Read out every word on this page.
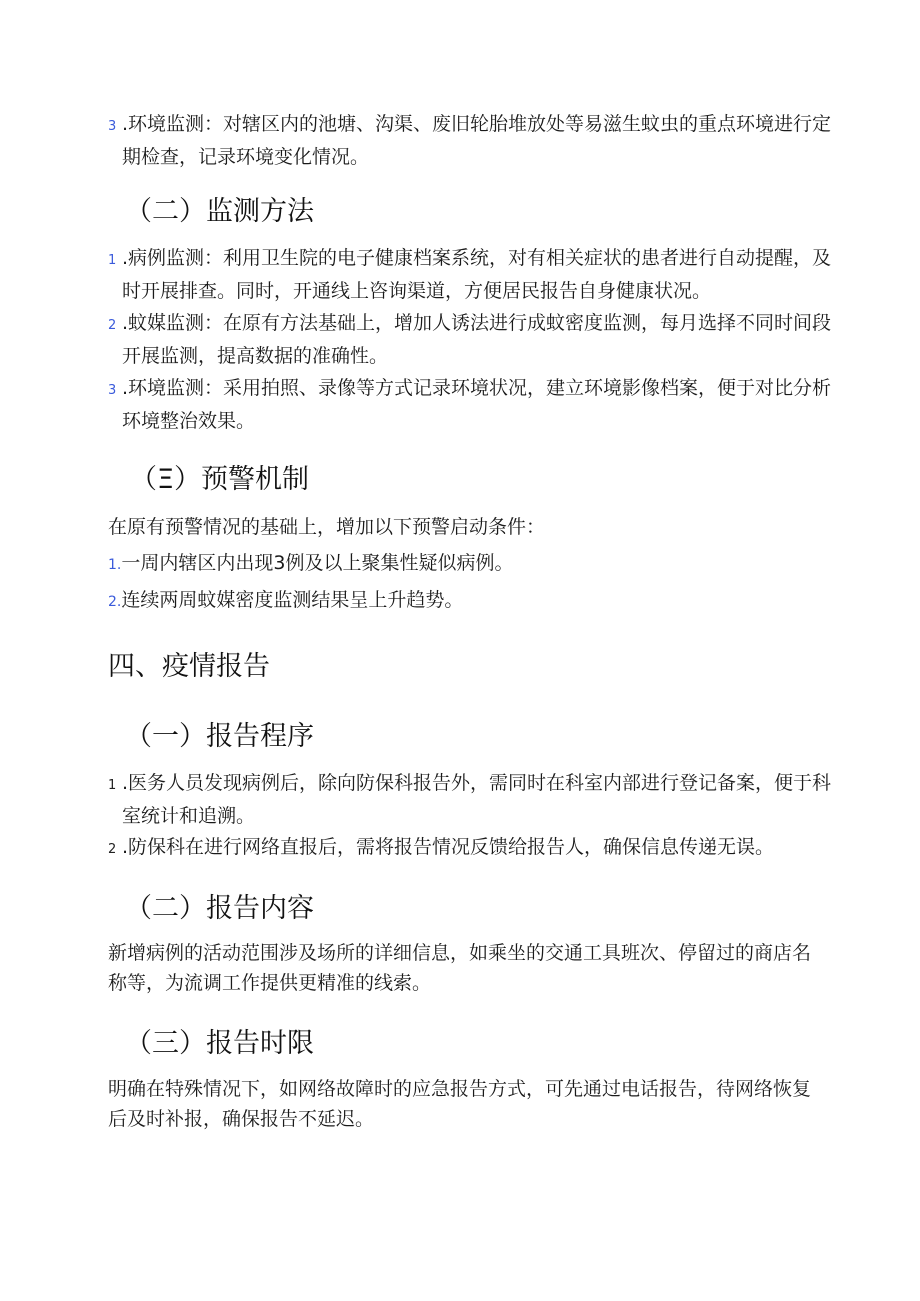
3 .环境监测：对辖区内的池塘、沟渠、废旧轮胎堆放处等易滋生蚊虫的重点环境进行定期检查，记录环境变化情况。

（二）监测方法

1 .病例监测：利用卫生院的电子健康档案系统，对有相关症状的患者进行自动提醒，及时开展排查。同时，开通线上咨询渠道，方便居民报告自身健康状况。

2 .蚊媒监测：在原有方法基础上，增加人诱法进行成蚊密度监测，每月选择不同时间段开展监测，提高数据的准确性。

3 .环境监测：采用拍照、录像等方式记录环境状况，建立环境影像档案，便于对比分析环境整治效果。

（Ξ）预警机制

在原有预警情况的基础上，增加以下预警启动条件：

1.一周内辖区内出现3例及以上聚集性疑似病例。

2.连续两周蚊媒密度监测结果呈上升趋势。

四、疫情报告
（一）报告程序

1 .医务人员发现病例后，除向防保科报告外，需同时在科室内部进行登记备案，便于科室统计和追溯。

2 .防保科在进行网络直报后，需将报告情况反馈给报告人，确保信息传递无误。

（二）报告内容

新增病例的活动范围涉及场所的详细信息，如乘坐的交通工具班次、停留过的商店名称等，为流调工作提供更精准的线索。

（三）报告时限

明确在特殊情况下，如网络故障时的应急报告方式，可先通过电话报告，待网络恢复后及时补报，确保报告不延迟。
